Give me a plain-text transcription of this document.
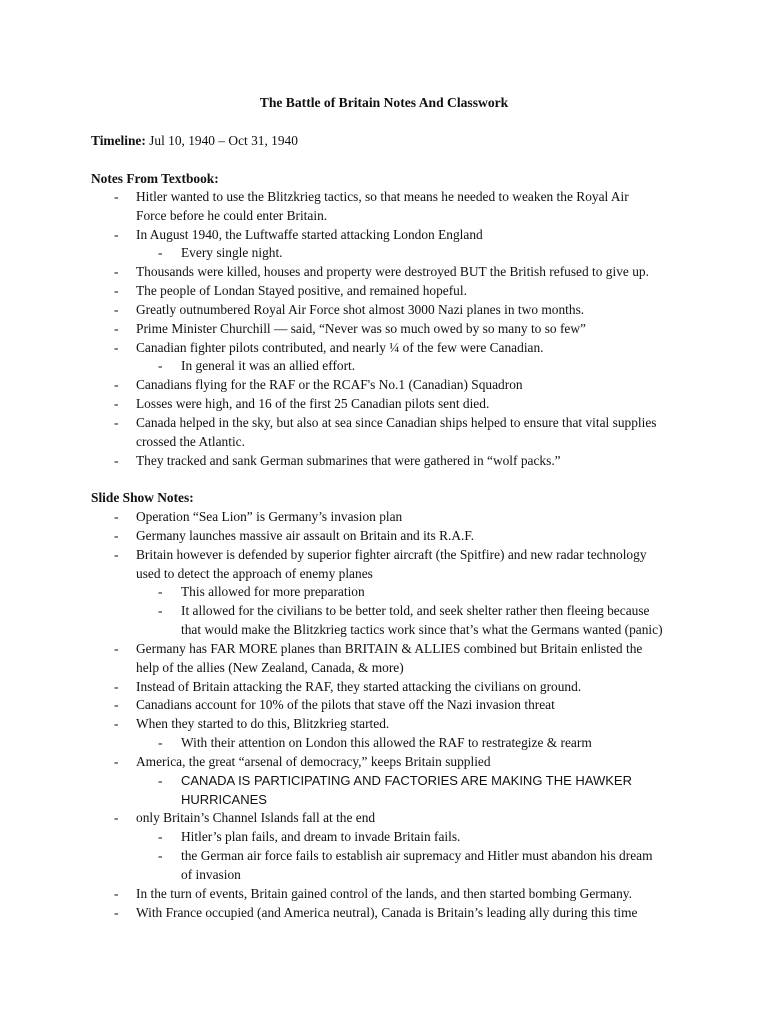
The Battle of Britain Notes And Classwork
Timeline: Jul 10, 1940 – Oct 31, 1940
Notes From Textbook:
- Hitler wanted to use the Blitzkrieg tactics, so that means he needed to weaken the Royal Air
Force before he could enter Britain.
- In August 1940, the Luftwaffe started attacking London England
- Every single night.
- Thousands were killed, houses and property were destroyed BUT the British refused to give up.
- The people of Londan Stayed positive, and remained hopeful.
- Greatly outnumbered Royal Air Force shot almost 3000 Nazi planes in two months.
- Prime Minister Churchill — said, “Never was so much owed by so many to so few”
- Canadian fighter pilots contributed, and nearly ¼ of the few were Canadian.
- In general it was an allied effort.
- Canadians flying for the RAF or the RCAF's No.1 (Canadian) Squadron
- Losses were high, and 16 of the first 25 Canadian pilots sent died.
- Canada helped in the sky, but also at sea since Canadian ships helped to ensure that vital supplies
crossed the Atlantic.
- They tracked and sank German submarines that were gathered in “wolf packs.”
Slide Show Notes:
- Operation “Sea Lion” is Germany’s invasion plan
- Germany launches massive air assault on Britain and its R.A.F.
- Britain however is defended by superior fighter aircraft (the Spitfire) and new radar technology
used to detect the approach of enemy planes
- This allowed for more preparation
- It allowed for the civilians to be better told, and seek shelter rather then fleeing because
that would make the Blitzkrieg tactics work since that’s what the Germans wanted (panic)
- Germany has FAR MORE planes than BRITAIN & ALLIES combined but Britain enlisted the
help of the allies (New Zealand, Canada, & more)
- Instead of Britain attacking the RAF, they started attacking the civilians on ground.
- Canadians account for 10% of the pilots that stave off the Nazi invasion threat
- When they started to do this, Blitzkrieg started.
- With their attention on London this allowed the RAF to restrategize & rearm
- America, the great “arsenal of democracy,” keeps Britain supplied
- CANADA IS PARTICIPATING AND FACTORIES ARE MAKING THE HAWKER
HURRICANES
- only Britain’s Channel Islands fall at the end
- Hitler’s plan fails, and dream to invade Britain fails.
- the German air force fails to establish air supremacy and Hitler must abandon his dream
of invasion
- In the turn of events, Britain gained control of the lands, and then started bombing Germany.
- With France occupied (and America neutral), Canada is Britain’s leading ally during this time
